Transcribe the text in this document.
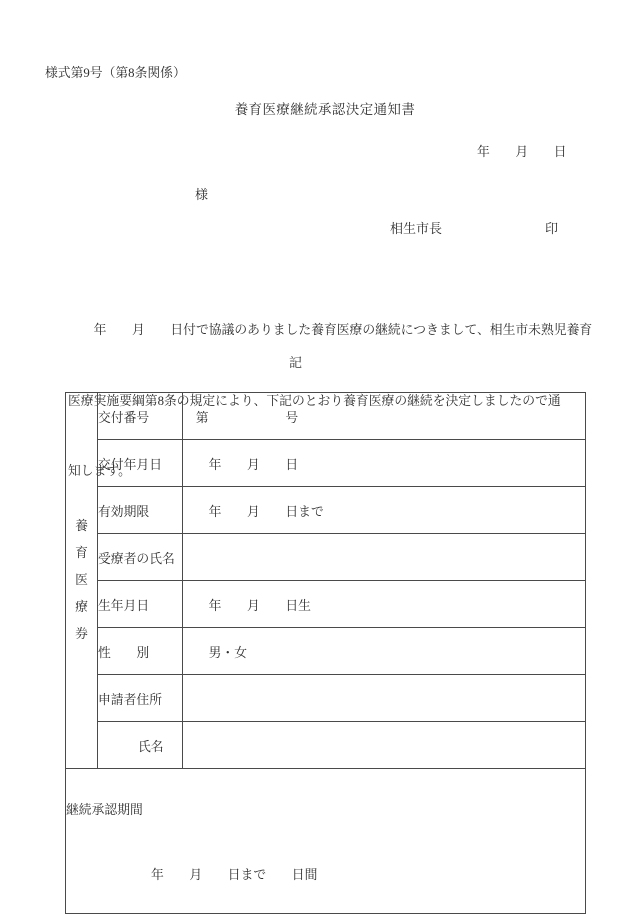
様式第9号（第8条関係）
養育医療継続承認決定通知書
年　　月　　日
様
相生市長	印

　　年　　月　　日付で協議のありました養育医療の継続につきまして、相生市未熟児養育

医療実施要綱第8条の規定により、下記のとおり養育医療の継続を決定しましたので通

知します。

記

養育医療券	交付番号	　第　　　　　　号
	交付年月日	　　年　　月　　日
	有効期限	　　年　　月　　日まで
	受療者の氏名	
	生年月日	　　年　　月　　日生
	性　　別	　　男・女
	申請者住所	
	氏名	

継続承認期間

年　　月　　日まで　　日間		
